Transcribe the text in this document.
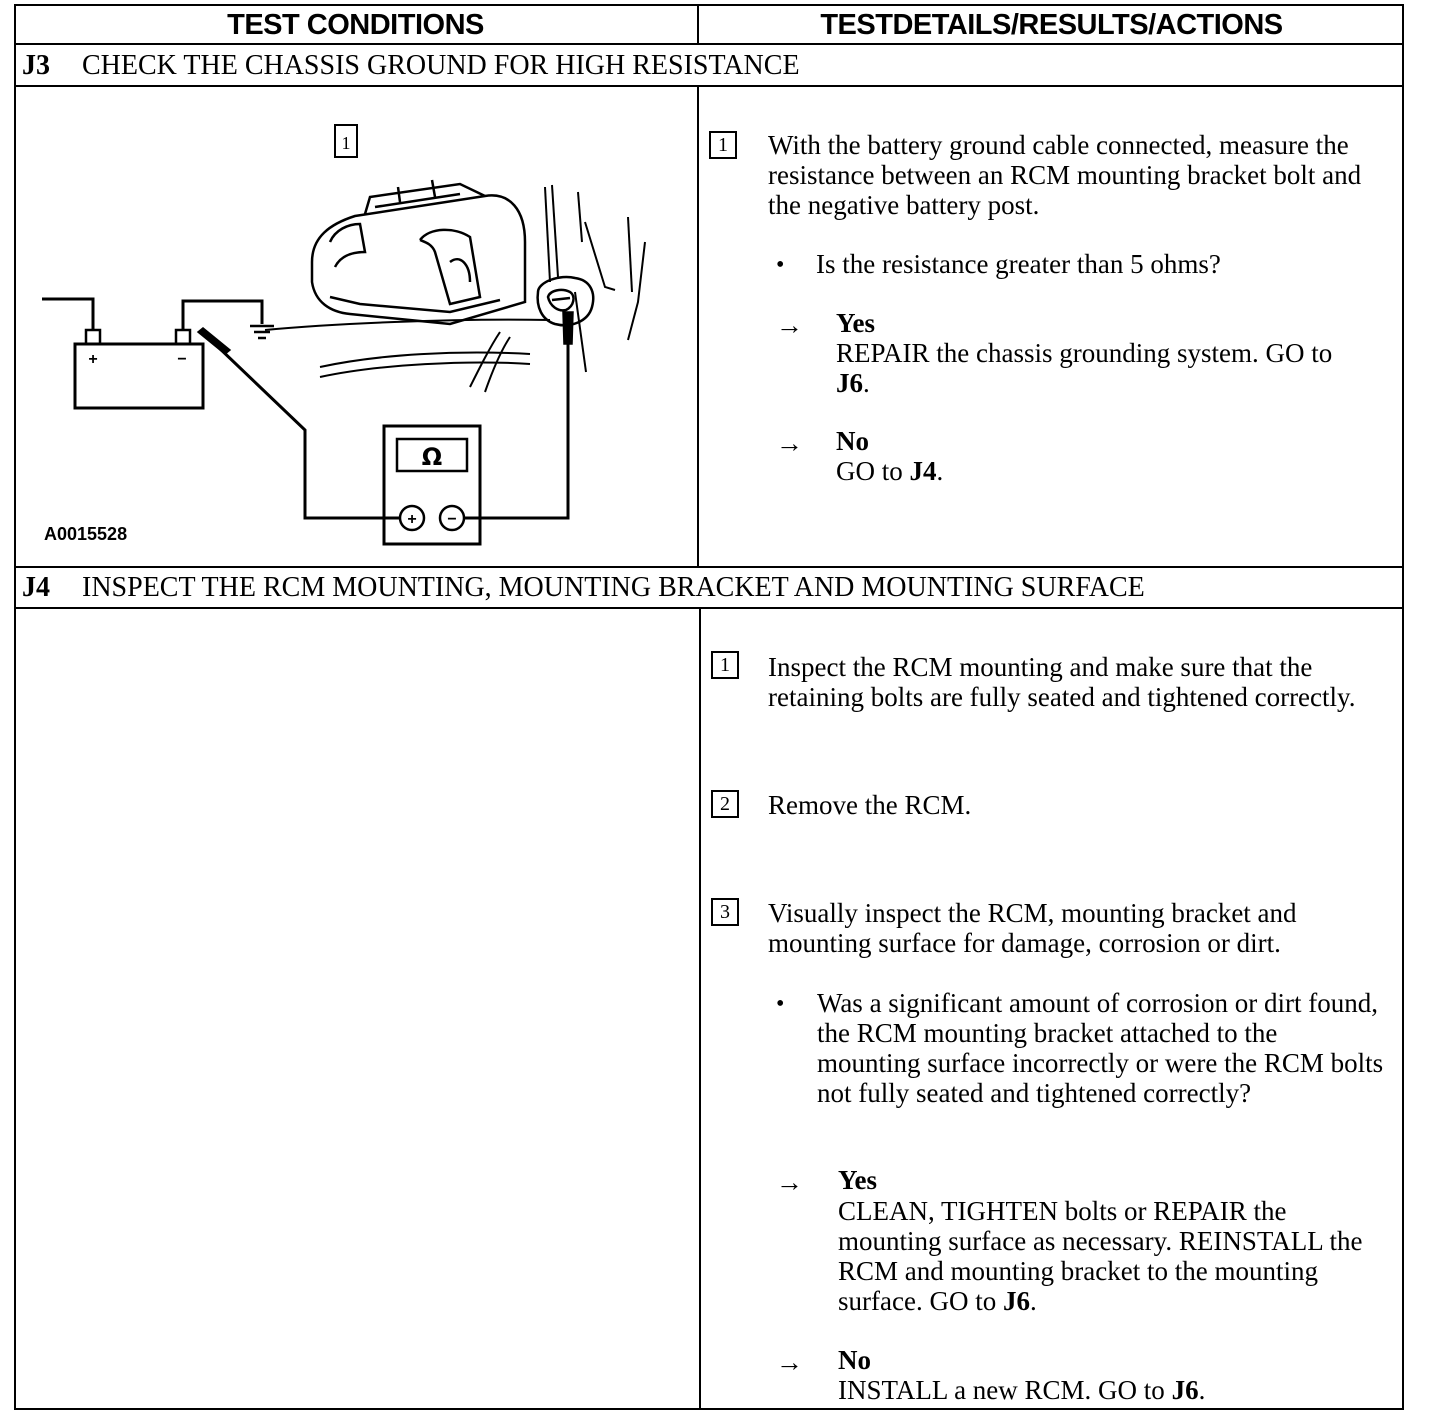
TEST CONDITIONS	TESTDETAILS/RESULTS/ACTIONS
J3 CHECK THE CHASSIS GROUND FOR HIGH RESISTANCE
1
+	−
Ω
+ −
A0015528
1	With the battery ground cable connected, measure the resistance between an RCM mounting bracket bolt and the negative battery post.
• Is the resistance greater than 5 ohms?
→ Yes
REPAIR the chassis grounding system. GO to
J6.
→ No
GO to J4.
J4 INSPECT THE RCM MOUNTING, MOUNTING BRACKET AND MOUNTING SURFACE
1	Inspect the RCM mounting and make sure that the retaining bolts are fully seated and tightened correctly.
2	Remove the RCM.
3	Visually inspect the RCM, mounting bracket and mounting surface for damage, corrosion or dirt.
• Was a significant amount of corrosion or dirt found, the RCM mounting bracket attached to the mounting surface incorrectly or were the RCM bolts not fully seated and tightened correctly?
→ Yes
CLEAN, TIGHTEN bolts or REPAIR the mounting surface as necessary. REINSTALL the RCM and mounting bracket to the mounting surface. GO to J6.
→ No
INSTALL a new RCM. GO to J6.
